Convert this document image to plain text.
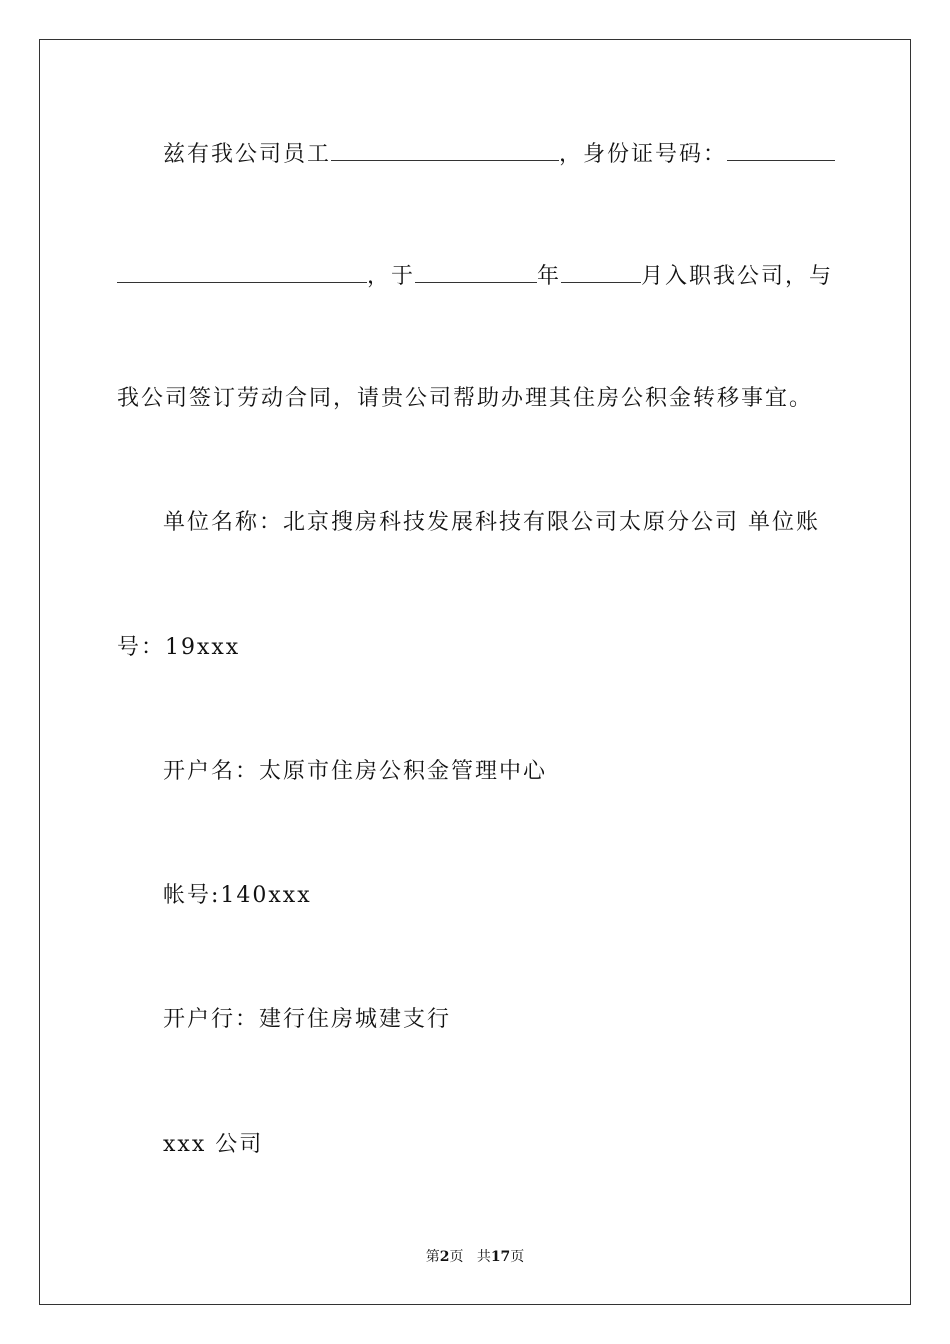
兹有我公司员工	，身份证号码：
，于	年	月入职我公司，与
我公司签订劳动合同，请贵公司帮助办理其住房公积金转移事宜。
单位名称：北京搜房科技发展科技有限公司太原分公司 单位账
号：19xxx
开户名：太原市住房公积金管理中心
帐号:140xxx
开户行：建行住房城建支行
xxx 公司
第2页 共17页
